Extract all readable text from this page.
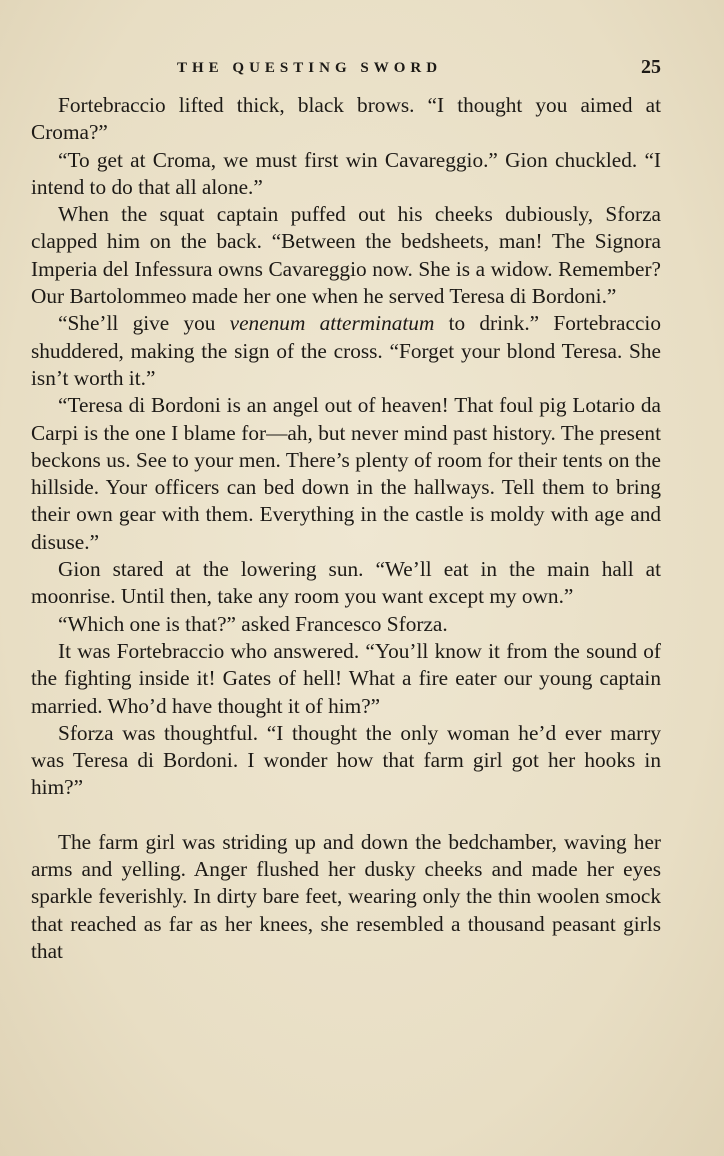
THE QUESTING SWORD	25

Fortebraccio lifted thick, black brows. “I thought you aimed at Croma?”

“To get at Croma, we must first win Cavareggio.” Gion chuckled. “I intend to do that all alone.”

When the squat captain puffed out his cheeks dubiously, Sforza clapped him on the back. “Between the bedsheets, man! The Signora Imperia del Infessura owns Cavareggio now. She is a widow. Remember? Our Bartolommeo made her one when he served Teresa di Bordoni.”

“She’ll give you venenum atterminatum to drink.” Fortebraccio shuddered, making the sign of the cross. “Forget your blond Teresa. She isn’t worth it.”

“Teresa di Bordoni is an angel out of heaven! That foul pig Lotario da Carpi is the one I blame for—ah, but never mind past history. The present beckons us. See to your men. There’s plenty of room for their tents on the hillside. Your officers can bed down in the hallways. Tell them to bring their own gear with them. Everything in the castle is moldy with age and disuse.”

Gion stared at the lowering sun. “We’ll eat in the main hall at moonrise. Until then, take any room you want except my own.”

“Which one is that?” asked Francesco Sforza.

It was Fortebraccio who answered. “You’ll know it from the sound of the fighting inside it! Gates of hell! What a fire eater our young captain married. Who’d have thought it of him?”

Sforza was thoughtful. “I thought the only woman he’d ever marry was Teresa di Bordoni. I wonder how that farm girl got her hooks in him?”

The farm girl was striding up and down the bedchamber, waving her arms and yelling. Anger flushed her dusky cheeks and made her eyes sparkle feverishly. In dirty bare feet, wearing only the thin woolen smock that reached as far as her knees, she resembled a thousand peasant girls that
